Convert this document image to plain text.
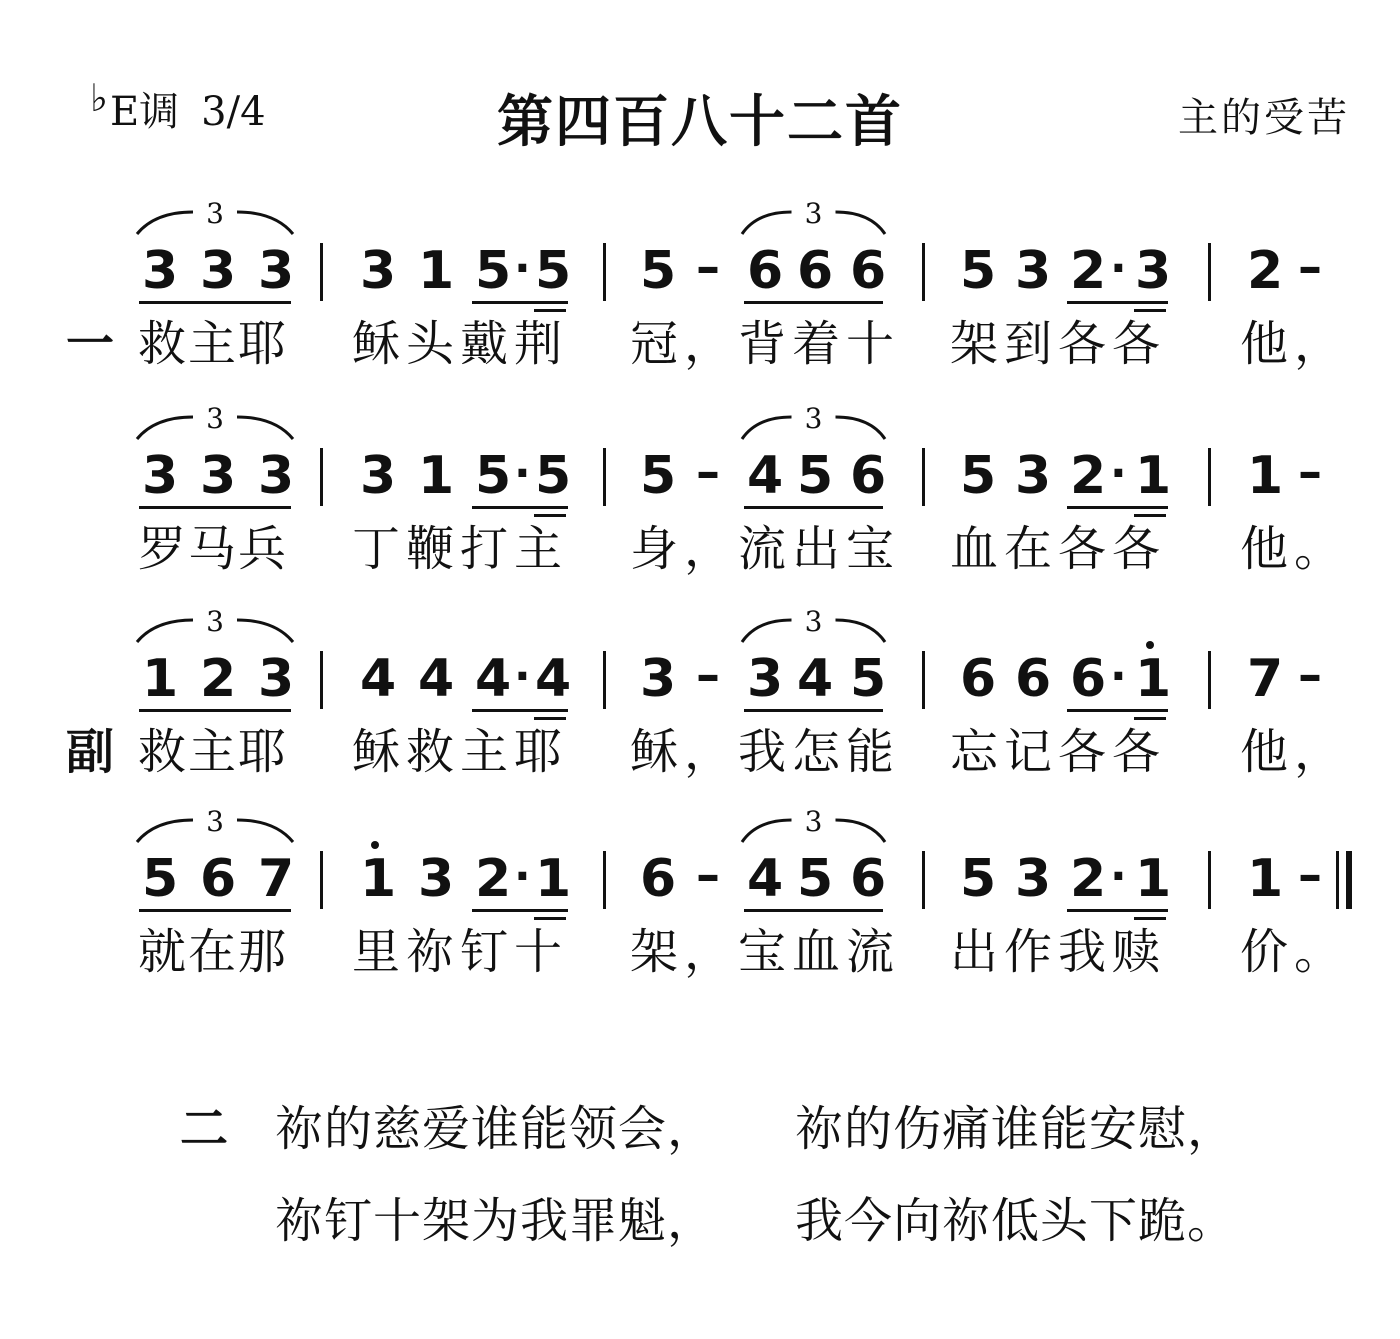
♭E调 3/4	第四百八十二首	主的受苦
3 3 3
3
3 1 5 · 5 5 – 6 6 6
3
5 3 2 · 3 2 –
一 救主耶 稣头戴荆 冠，背着十 架到各各 他，
3 3 3
3
3 1 5 · 5 5 – 4 5 6
3
5 3 2 · 1 1 –
罗马兵 丁鞭打主 身，流出宝 血在各各 他。
1 2 3
3
4 4 4 · 4 3 – 3 4 5
3
6 6 6 · 1 7 –
副 救主耶 稣救主耶 稣，我怎能 忘记各各 他，
5 6 7
3
1 3 2 · 1 6 – 4 5 6
3
5 3 2 · 1 1 –
就在那 里祢钉十 架，宝血流 出作我赎 价。
二 祢的慈爱谁能领会， 祢的伤痛谁能安慰，
祢钉十架为我罪魁， 我今向祢低头下跪。
